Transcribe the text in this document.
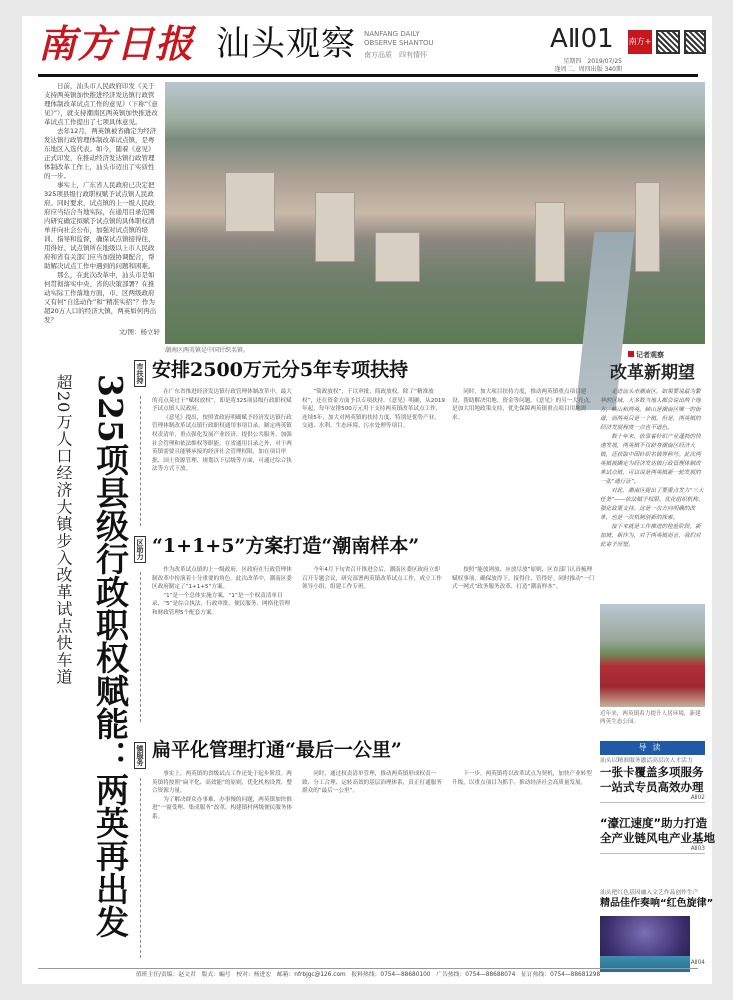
南方日报 汕头观察 NANFANG DAILY
OBSERVE SHANTOU
南方品质　四有情怀
AⅡ01
星期四　2019/07/25
逢周二、周四出版 340期
南方+

日前，汕头市人民政府印发《关于支持两英镇加快推进经济发达镇行政管理体制改革试点工作的意见》（下称“《意见》”），就支持潮南区两英镇加快推进改革试点工作提出了七项具体意见。

去年12月，两英镇被省确定为经济发达镇行政管理体制改革试点镇，是粤东地区入选代表。如今，随着《意见》正式印发，在推动经济发达镇行政管理体制改革工作上，汕头市迈出了实质性的一步。

事实上，广东省人民政府已决定把325项县级行政职权赋予试点镇人民政府。同时要求，试点镇的上一级人民政府应当结合当地实际，在通用目录范围内研究确定拟赋予试点镇的具体职权清单并向社会公布，加强对试点镇的培训、指导和监督，确保试点镇接得住、用得好。试点镇所在地级以上市人民政府和省有关部门应当加强协调配合，帮助解决试点工作中遇到的问题和困难。

那么，在此次改革中，汕头市是如何贯彻落实中央、省的决策部署？在推动实际工作落地方面，市、区两级政府又有何“自选动作”和“精准实招”？作为超20万人口的经济大镇，两英如何再出发？

文/图：杨立轩
潮南区两英镇是中国针织名镇。
325项县级行政职权赋能：两英再出发
超20万人口经济大镇步入改革试点快车道
市扶持 安排2500万元分5年专项扶持

在广东省推进经济发达镇行政管理体制改革中，最大的亮点莫过于“赋权放权”，即是将325项县级行政职权赋予试点镇人民政府。

《意见》提出，按照省政府明确赋予经济发达镇行政管理体制改革试点镇行政职权通用事项目录，制定两英镇权责清单，重点强化发展产业经济、提供公共服务、加强社会管理和依法维权等职能。在省通用目录之外，对于两英镇需要且能够承接的经济社会管理权限，加在项目审批、国土资源管理、规划以下层级等方面，可通过综合执法等方式下放。

“简政放权”，于以审批、简政放权。除了“精准放权”，还在资金方面予以专项扶持。《意见》明确，从2019年起，每年安排500万元用于支持两英镇改革试点工作，连续5年，加大对两英镇的扶持力度，特别是优势产业、交通、水利、生态环境、污水处理等项目。

同时，加大项目扶持力度，推动两英镇重点项目建设，帮助解决用地、资金等问题。《意见》的另一大亮点，是加大用地政策支持，优先保障两英镇重点项目用地需求。

区助力 “1+1+5”方案打造“潮南样本”

作为改革试点镇的上一级政府，区政府在行政管理体制改革中扮演着十分重要的角色。此次改革中，潮南区委区政府制定了“1+1+5”方案。

“1”是一个总体实施方案，“1”是一个权责清单目录，“5”是综合执法、行政审批、便民服务、网格化管理和财政管理5个配套方案。

今年4月下旬省召开推进会后，潮南区委区政府立即召开专题会议，研究部署两英镇改革试点工作，成立工作领导小组，组建工作专班。

按照“能放则放、应放尽放”原则，区直部门认真梳理赋权事项，确保放得下、接得住、管得好。同时推动“一门式一网式”政务服务改革，打造“潮南样本”。

镇服务 扁平化管理打通“最后一公里”

事实上，两英镇的省级试点工作还处于起步阶段。两英镇将按照“扁平化、高效能”的原则，优化机构设置，整合资源力量。

为了解决群众办事难、办事慢的问题，两英镇加快推进“一窗受理、集成服务”改革，构建镇村两级便民服务体系。

同时，通过权责清单管理，推动两英镇形成权责一致、分工合理、运转高效的基层治理体系，真正打通服务群众的“最后一公里”。

下一步，两英镇将以改革试点为契机，加快产业转型升级，以重点项目为抓手，推动经济社会高质量发展。

记者观察
改革新期望

走进汕头市潮南区，如果要说最为繁华的区域，大多数当地人都会说出两个地方，峡山和两英。峡山是潮南区唯一的街道，而两英只是一个镇，但是，两英镇的经济发展程度一点也不逊色。

数十年来，依靠着针织产业蓬勃的快速发展，两英镇不仅跻身潮南区经济大镇，还获取中国针织名镇等称号。此次两英镇被确定为经济发达镇行政管理体制改革试点镇，可以说是两英镇新一轮发展的一张“通行证”。

对此，潮南区提出了要重点发力“三大任务”——依法赋予权限、优化组织机构、强化政策支持。这是一次方向明确的改革，也是一次机制创新的探索。

接下来就是工作推进的检验阶段。新加坡、新作为，对于两英镇而言，我们对此寄予厚望。

近年来，两英镇着力提升人居环境，新建两英生态公园。
导读
汕头以精准服务激活高层次人才活力
一张卡覆盖多项服务
一站式专员高效办理
AⅡ02
“濠江速度”助力打造
全产业链风电产业基地
AⅡ03
汕头把红色基因融入文艺作品创作生产
精品佳作奏响“红色旋律”
AⅡ04
值班主任/责编：赵文君　版式：編号　校对：杨进宏　邮箱：nfrbjgc@126.com　报料热线：0754—88680100　广告热线：0754—88688074　征订热线：0754—88681298
